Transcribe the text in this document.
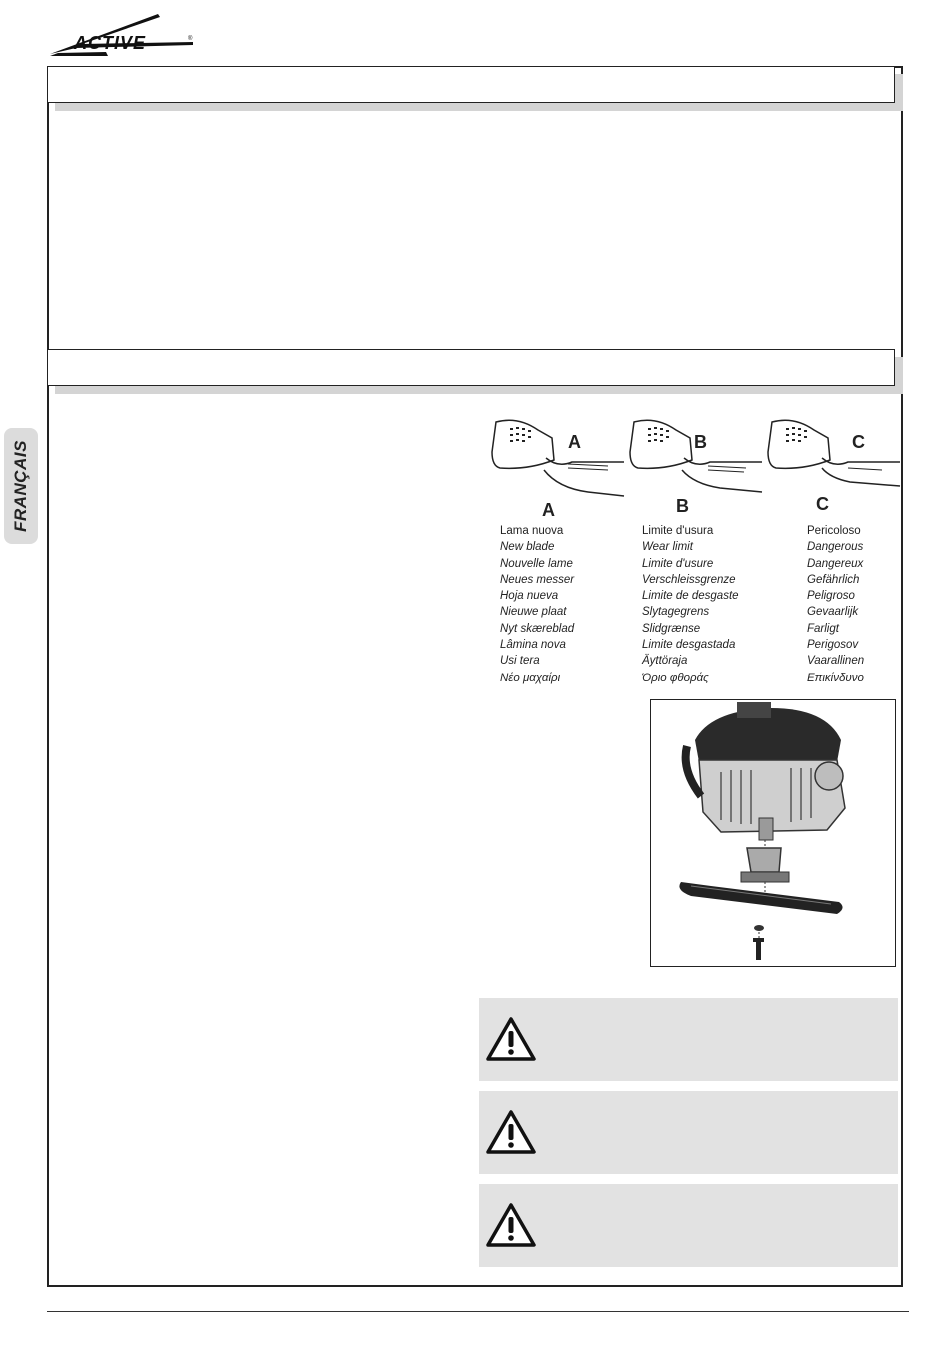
ACTIVE	®
FRANÇAIS	A
A
B
B
C
C
Lama nuova
New blade
Nouvelle lame
Neues messer
Hoja nueva
Nieuwe plaat
Nyt skæreblad
Lâmina nova
Usi tera
Νέο μαχαίρι
Limite d'usura
Wear limit
Limite d'usure
Verschleissgrenze
Limite de desgaste
Slytagegrens
Slidgrænse
Limite desgastada
Äyttöraja
Όριο φθοράς
Pericoloso
Dangerous
Dangereux
Gefährlich
Peligroso
Gevaarlijk
Farligt
Perigosov
Vaarallinen
Επικίνδυνο
